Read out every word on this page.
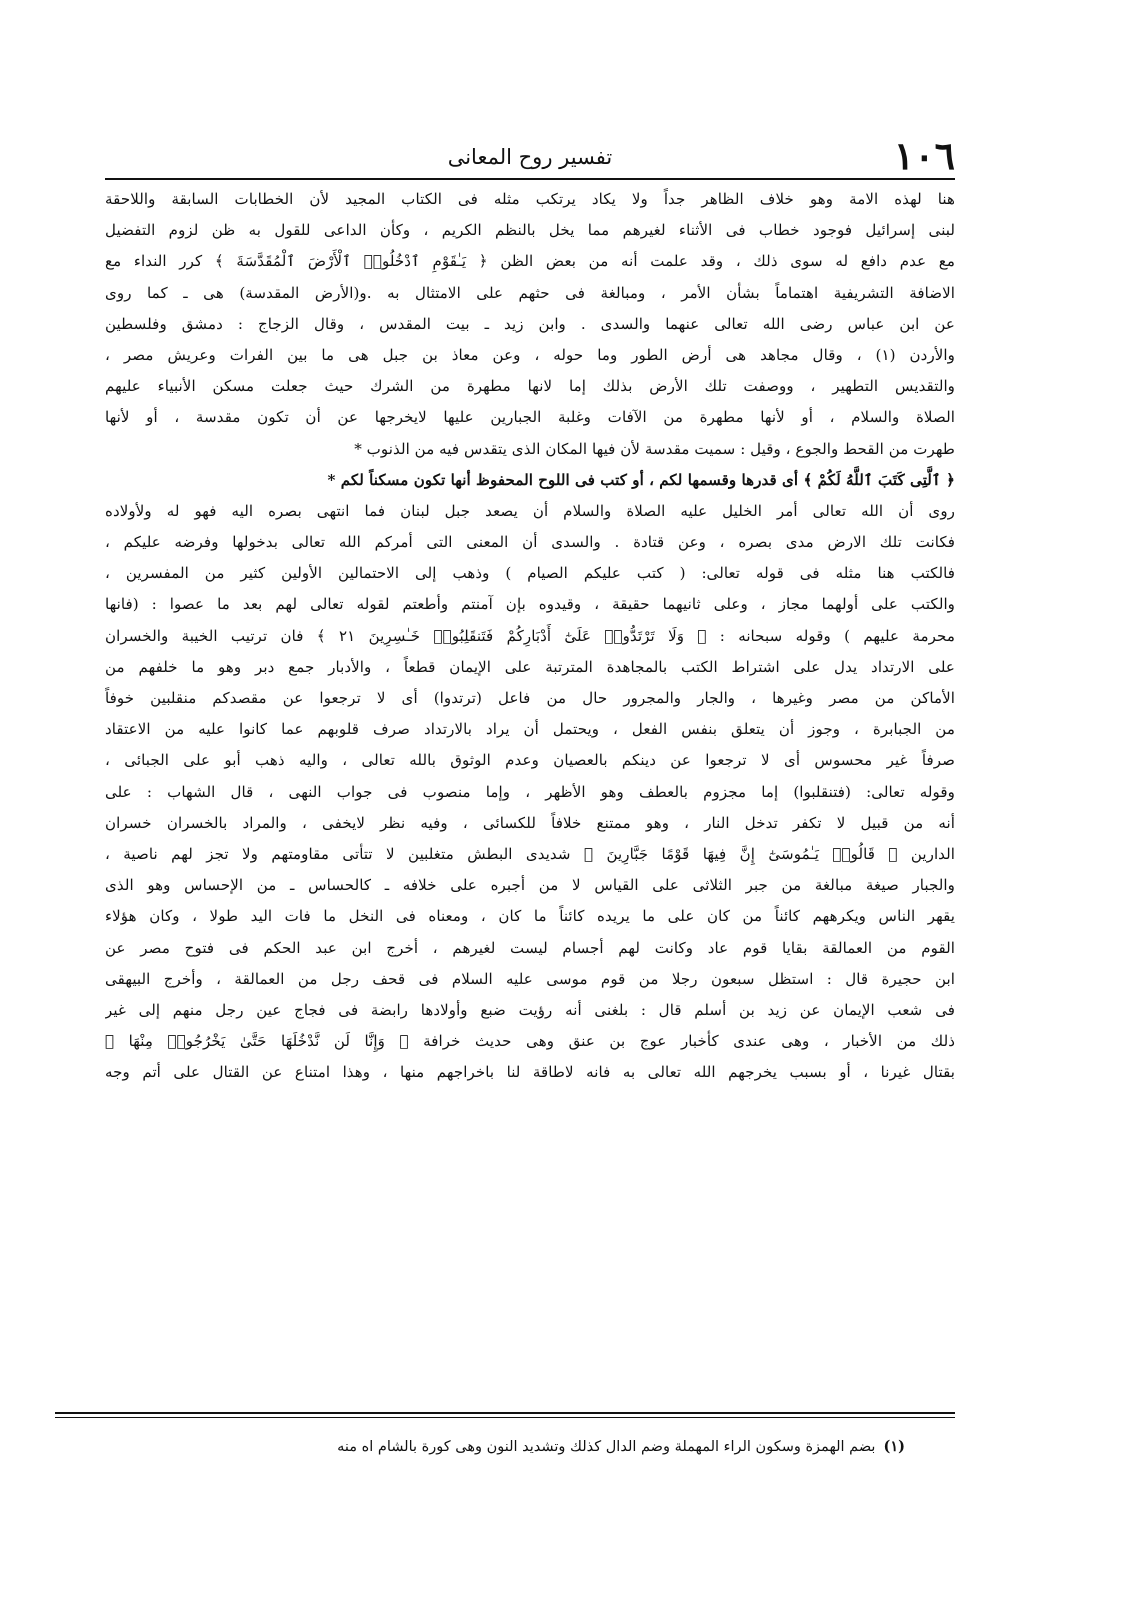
١٠٦
تفسير روح المعانى
هنا لهذه الامة وهو خلاف الظاهر جداً ولا يكاد يرتكب مثله فى الكتاب المجيد لأن الخطابات السابقة واللاحقة
لبنى إسرائيل فوجود خطاب فى الأثناء لغيرهم مما يخل بالنظم الكريم ، وكأن الداعى للقول به ظن لزوم التفضيل
مع عدم دافع له سوى ذلك ، وقد علمت أنه من بعض الظن ﴿ يَـٰقَوْمِ ٱدْخُلُوا۟ ٱلْأَرْضَ ٱلْمُقَدَّسَةَ ﴾ كرر النداء مع
الاضافة التشريفية اهتماماً بشأن الأمر ، ومبالغة فى حثهم على الامتثال به .و(الأرض المقدسة) هى ـ كما روى
عن ابن عباس رضى الله تعالى عنهما والسدى . وابن زيد ـ بيت المقدس ، وقال الزجاج : دمشق وفلسطين
والأردن (١) ، وقال مجاهد هى أرض الطور وما حوله ، وعن معاذ بن جبل هى ما بين الفرات وعريش مصر ،
والتقديس التطهير ، ووصفت تلك الأرض بذلك إما لانها مطهرة من الشرك حيث جعلت مسكن الأنبياء عليهم
الصلاة والسلام ، أو لأنها مطهرة من الآفات وغلبة الجبارين عليها لايخرجها عن أن تكون مقدسة ، أو لأنها
طهرت من القحط والجوع ، وقيل : سميت مقدسة لأن فيها المكان الذى يتقدس فيه من الذنوب *
﴿ ٱلَّتِى كَتَبَ ٱللَّهُ لَكُمْ ﴾ أى قدرها وقسمها لكم ، أو كتب فى اللوح المحفوظ أنها تكون مسكناً لكم *
روى أن الله تعالى أمر الخليل عليه الصلاة والسلام أن يصعد جبل لبنان فما انتهى بصره اليه فهو له ولأولاده
فكانت تلك الارض مدى بصره ، وعن قتادة . والسدى أن المعنى التى أمركم الله تعالى بدخولها وفرضه عليكم ،
فالكتب هنا مثله فى قوله تعالى: ( كتب عليكم الصيام ) وذهب إلى الاحتمالين الأولين كثير من المفسرين ،
والكتب على أولهما مجاز ، وعلى ثانيهما حقيقة ، وقيدوه بإن آمنتم وأطعتم لقوله تعالى لهم بعد ما عصوا : (فانها
محرمة عليهم ) وقوله سبحانه : ﴿ وَلَا تَرْتَدُّوا۟ عَلَىٰٓ أَدْبَارِكُمْ فَتَنقَلِبُوا۟ خَـٰسِرِينَ ٢١ ﴾ فان ترتيب الخيبة والخسران
على الارتداد يدل على اشتراط الكتب بالمجاهدة المترتبة على الإيمان قطعاً ، والأدبار جمع دبر وهو ما خلفهم من
الأماكن من مصر وغيرها ، والجار والمجرور حال من فاعل (ترتدوا) أى لا ترجعوا عن مقصدكم منقلبين خوفاً
من الجبابرة ، وجوز أن يتعلق بنفس الفعل ، ويحتمل أن يراد بالارتداد صرف قلوبهم عما كانوا عليه من الاعتقاد
صرفاً غير محسوس أى لا ترجعوا عن دينكم بالعصيان وعدم الوثوق بالله تعالى ، واليه ذهب أبو على الجبائى ،
وقوله تعالى: (فتنقلبوا) إما مجزوم بالعطف وهو الأظهر ، وإما منصوب فى جواب النهى ، قال الشهاب : على
أنه من قبيل لا تكفر تدخل النار ، وهو ممتنع خلافاً للكسائى ، وفيه نظر لايخفى ، والمراد بالخسران خسران
الدارين ﴿ قَالُوا۟ يَـٰمُوسَىٰٓ إِنَّ فِيهَا قَوْمًا جَبَّارِينَ ﴾ شديدى البطش متغلبين لا تتأتى مقاومتهم ولا تجز لهم ناصية ،
والجبار صيغة مبالغة من جبر الثلاثى على القياس لا من أجبره على خلافه ـ كالحساس ـ من الإحساس وهو الذى
يقهر الناس ويكرههم كائناً من كان على ما يريده كائناً ما كان ، ومعناه فى النخل ما فات اليد طولا ، وكان هؤلاء
القوم من العمالقة بقايا قوم عاد وكانت لهم أجسام ليست لغيرهم ، أخرج ابن عبد الحكم فى فتوح مصر عن
ابن حجيرة قال : استظل سبعون رجلا من قوم موسى عليه السلام فى قحف رجل من العمالقة ، وأخرج البيهقى
فى شعب الإيمان عن زيد بن أسلم قال : بلغنى أنه رؤيت ضبع وأولادها رابضة فى فجاج عين رجل منهم إلى غير
ذلك من الأخبار ، وهى عندى كأخبار عوج بن عنق وهى حديث خرافة ﴿ وَإِنَّا لَن نَّدْخُلَهَا حَتَّىٰ يَخْرُجُوا۟ مِنْهَا ﴾
بقتال غيرنا ، أو بسبب يخرجهم الله تعالى به فانه لاطاقة لنا باخراجهم منها ، وهذا امتناع عن القتال على أتم وجه
(١)بضم الهمزة وسكون الراء المهملة وضم الدال كذلك وتشديد النون وهى كورة بالشام اه منه
